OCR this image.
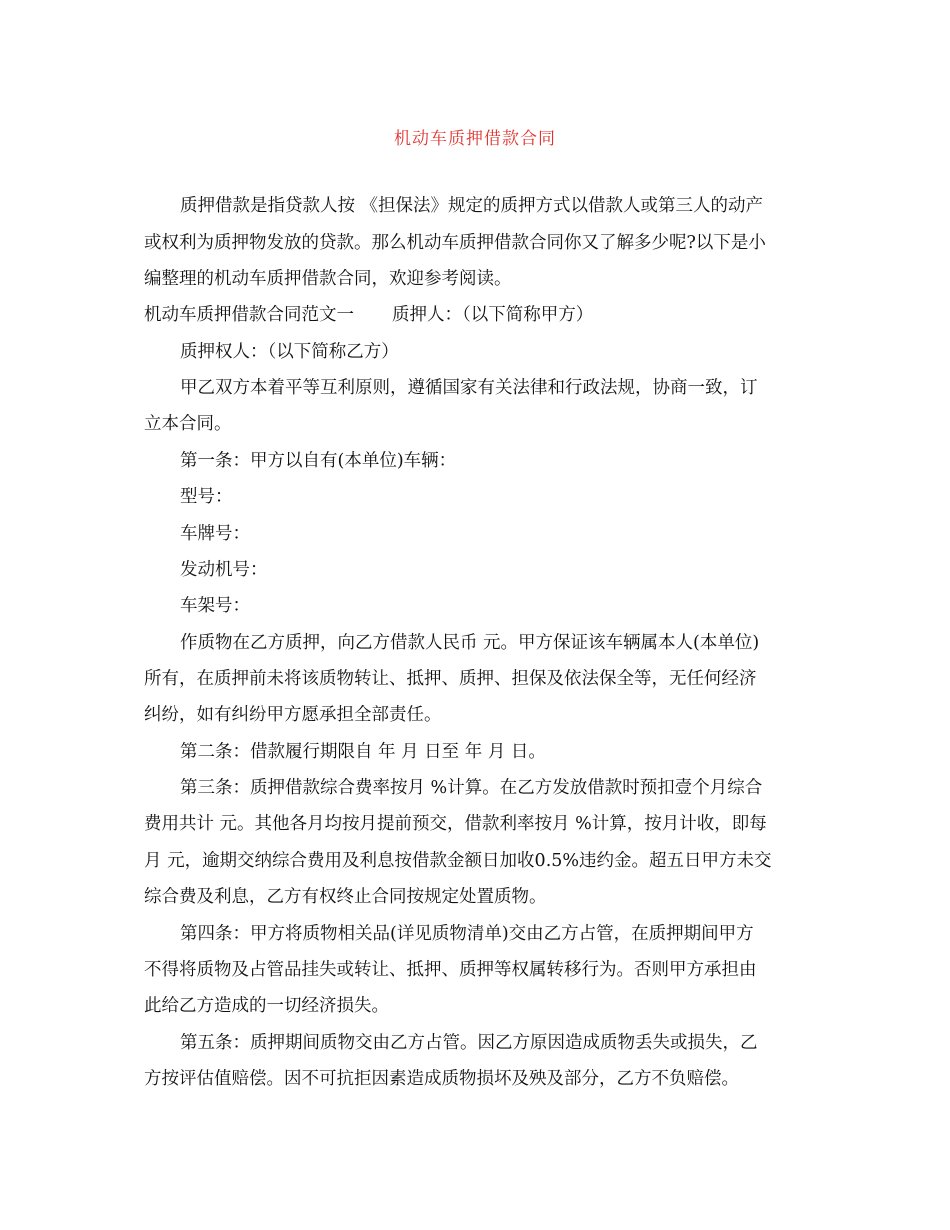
机动车质押借款合同
质押借款是指贷款人按 《担保法》规定的质押方式以借款人或第三人的动产
或权利为质押物发放的贷款。那么机动车质押借款合同你又了解多少呢?以下是小
编整理的机动车质押借款合同，欢迎参考阅读。
机动车质押借款合同范文一 质押人：（以下简称甲方）
质押权人：（以下简称乙方）
甲乙双方本着平等互利原则，遵循国家有关法律和行政法规，协商一致，订
立本合同。
第一条：甲方以自有(本单位)车辆：
型号：
车牌号：
发动机号：
车架号：
作质物在乙方质押，向乙方借款人民币 元。甲方保证该车辆属本人(本单位)
所有，在质押前未将该质物转让、抵押、质押、担保及依法保全等，无任何经济
纠纷，如有纠纷甲方愿承担全部责任。
第二条：借款履行期限自 年 月 日至 年 月 日。
第三条：质押借款综合费率按月 %计算。在乙方发放借款时预扣壹个月综合
费用共计 元。其他各月均按月提前预交，借款利率按月 %计算，按月计收，即每
月 元，逾期交纳综合费用及利息按借款金额日加收0.5%违约金。超五日甲方未交
综合费及利息，乙方有权终止合同按规定处置质物。
第四条：甲方将质物相关品(详见质物清单)交由乙方占管，在质押期间甲方
不得将质物及占管品挂失或转让、抵押、质押等权属转移行为。否则甲方承担由
此给乙方造成的一切经济损失。
第五条：质押期间质物交由乙方占管。因乙方原因造成质物丢失或损失，乙
方按评估值赔偿。因不可抗拒因素造成质物损坏及殃及部分，乙方不负赔偿。
